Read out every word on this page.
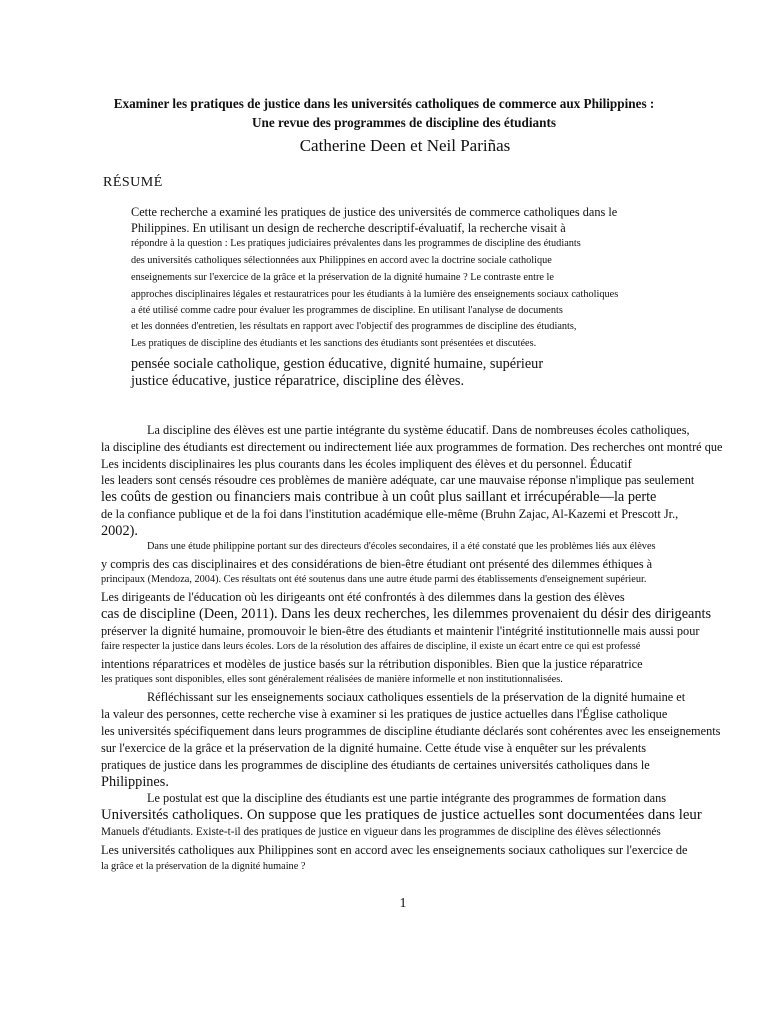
Examiner les pratiques de justice dans les universités catholiques de commerce aux Philippines :
Une revue des programmes de discipline des étudiants
Catherine Deen et Neil Pariñas
RÉSUMÉ
Cette recherche a examiné les pratiques de justice des universités de commerce catholiques dans le
Philippines. En utilisant un design de recherche descriptif-évaluatif, la recherche visait à
répondre à la question : Les pratiques judiciaires prévalentes dans les programmes de discipline des étudiants
des universités catholiques sélectionnées aux Philippines en accord avec la doctrine sociale catholique
enseignements sur l'exercice de la grâce et la préservation de la dignité humaine ? Le contraste entre le
approches disciplinaires légales et restauratrices pour les étudiants à la lumière des enseignements sociaux catholiques
a été utilisé comme cadre pour évaluer les programmes de discipline. En utilisant l'analyse de documents
et les données d'entretien, les résultats en rapport avec l'objectif des programmes de discipline des étudiants,
Les pratiques de discipline des étudiants et les sanctions des étudiants sont présentées et discutées.
pensée sociale catholique, gestion éducative, dignité humaine, supérieur
justice éducative, justice réparatrice, discipline des élèves.
La discipline des élèves est une partie intégrante du système éducatif. Dans de nombreuses écoles catholiques,
la discipline des étudiants est directement ou indirectement liée aux programmes de formation. Des recherches ont montré que
Les incidents disciplinaires les plus courants dans les écoles impliquent des élèves et du personnel. Éducatif
les leaders sont censés résoudre ces problèmes de manière adéquate, car une mauvaise réponse n'implique pas seulement
les coûts de gestion ou financiers mais contribue à un coût plus saillant et irrécupérable—la perte
de la confiance publique et de la foi dans l'institution académique elle-même (Bruhn Zajac, Al-Kazemi et Prescott Jr.,
2002).
Dans une étude philippine portant sur des directeurs d'écoles secondaires, il a été constaté que les problèmes liés aux élèves
y compris des cas disciplinaires et des considérations de bien-être étudiant ont présenté des dilemmes éthiques à
principaux (Mendoza, 2004). Ces résultats ont été soutenus dans une autre étude parmi des établissements d'enseignement supérieur.
Les dirigeants de l'éducation où les dirigeants ont été confrontés à des dilemmes dans la gestion des élèves
cas de discipline (Deen, 2011). Dans les deux recherches, les dilemmes provenaient du désir des dirigeants
préserver la dignité humaine, promouvoir le bien-être des étudiants et maintenir l'intégrité institutionnelle mais aussi pour
faire respecter la justice dans leurs écoles. Lors de la résolution des affaires de discipline, il existe un écart entre ce qui est professé
intentions réparatrices et modèles de justice basés sur la rétribution disponibles. Bien que la justice réparatrice
les pratiques sont disponibles, elles sont généralement réalisées de manière informelle et non institutionnalisées.
Réfléchissant sur les enseignements sociaux catholiques essentiels de la préservation de la dignité humaine et
la valeur des personnes, cette recherche vise à examiner si les pratiques de justice actuelles dans l'Église catholique
les universités spécifiquement dans leurs programmes de discipline étudiante déclarés sont cohérentes avec les enseignements
sur l'exercice de la grâce et la préservation de la dignité humaine. Cette étude vise à enquêter sur les prévalents
pratiques de justice dans les programmes de discipline des étudiants de certaines universités catholiques dans le
Philippines.
Le postulat est que la discipline des étudiants est une partie intégrante des programmes de formation dans
Universités catholiques. On suppose que les pratiques de justice actuelles sont documentées dans leur
Manuels d'étudiants. Existe-t-il des pratiques de justice en vigueur dans les programmes de discipline des élèves sélectionnés
Les universités catholiques aux Philippines sont en accord avec les enseignements sociaux catholiques sur l'exercice de
la grâce et la préservation de la dignité humaine ?
1
